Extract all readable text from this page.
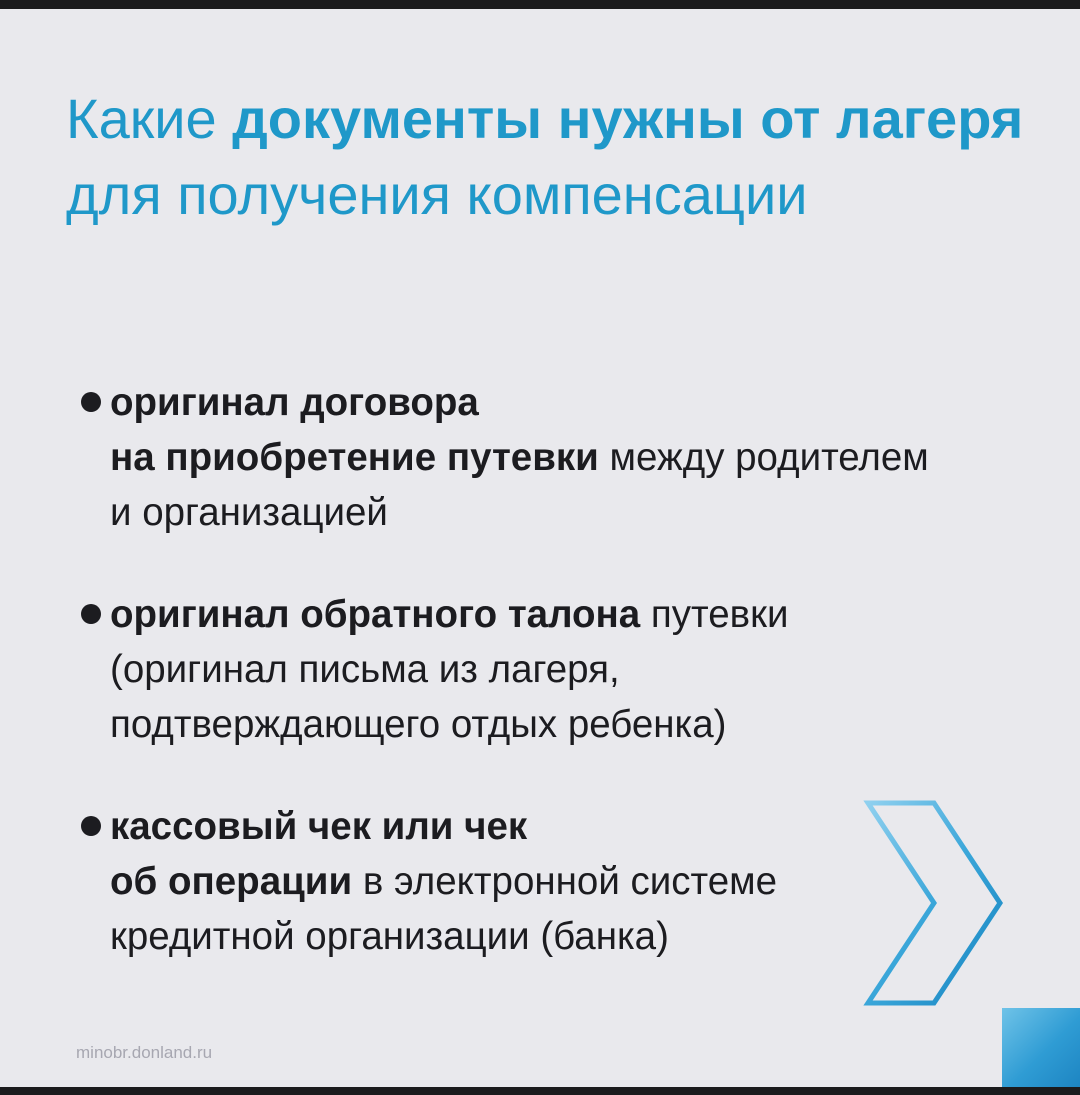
Какие документы нужны от лагеря для получения компенсации
оригинал договора
на приобретение путевки между родителем и организацией
оригинал обратного талона путевки (оригинал письма из лагеря, подтверждающего отдых ребенка)
кассовый чек или чек
об операции в электронной системе кредитной организации (банка)
minobr.donland.ru
